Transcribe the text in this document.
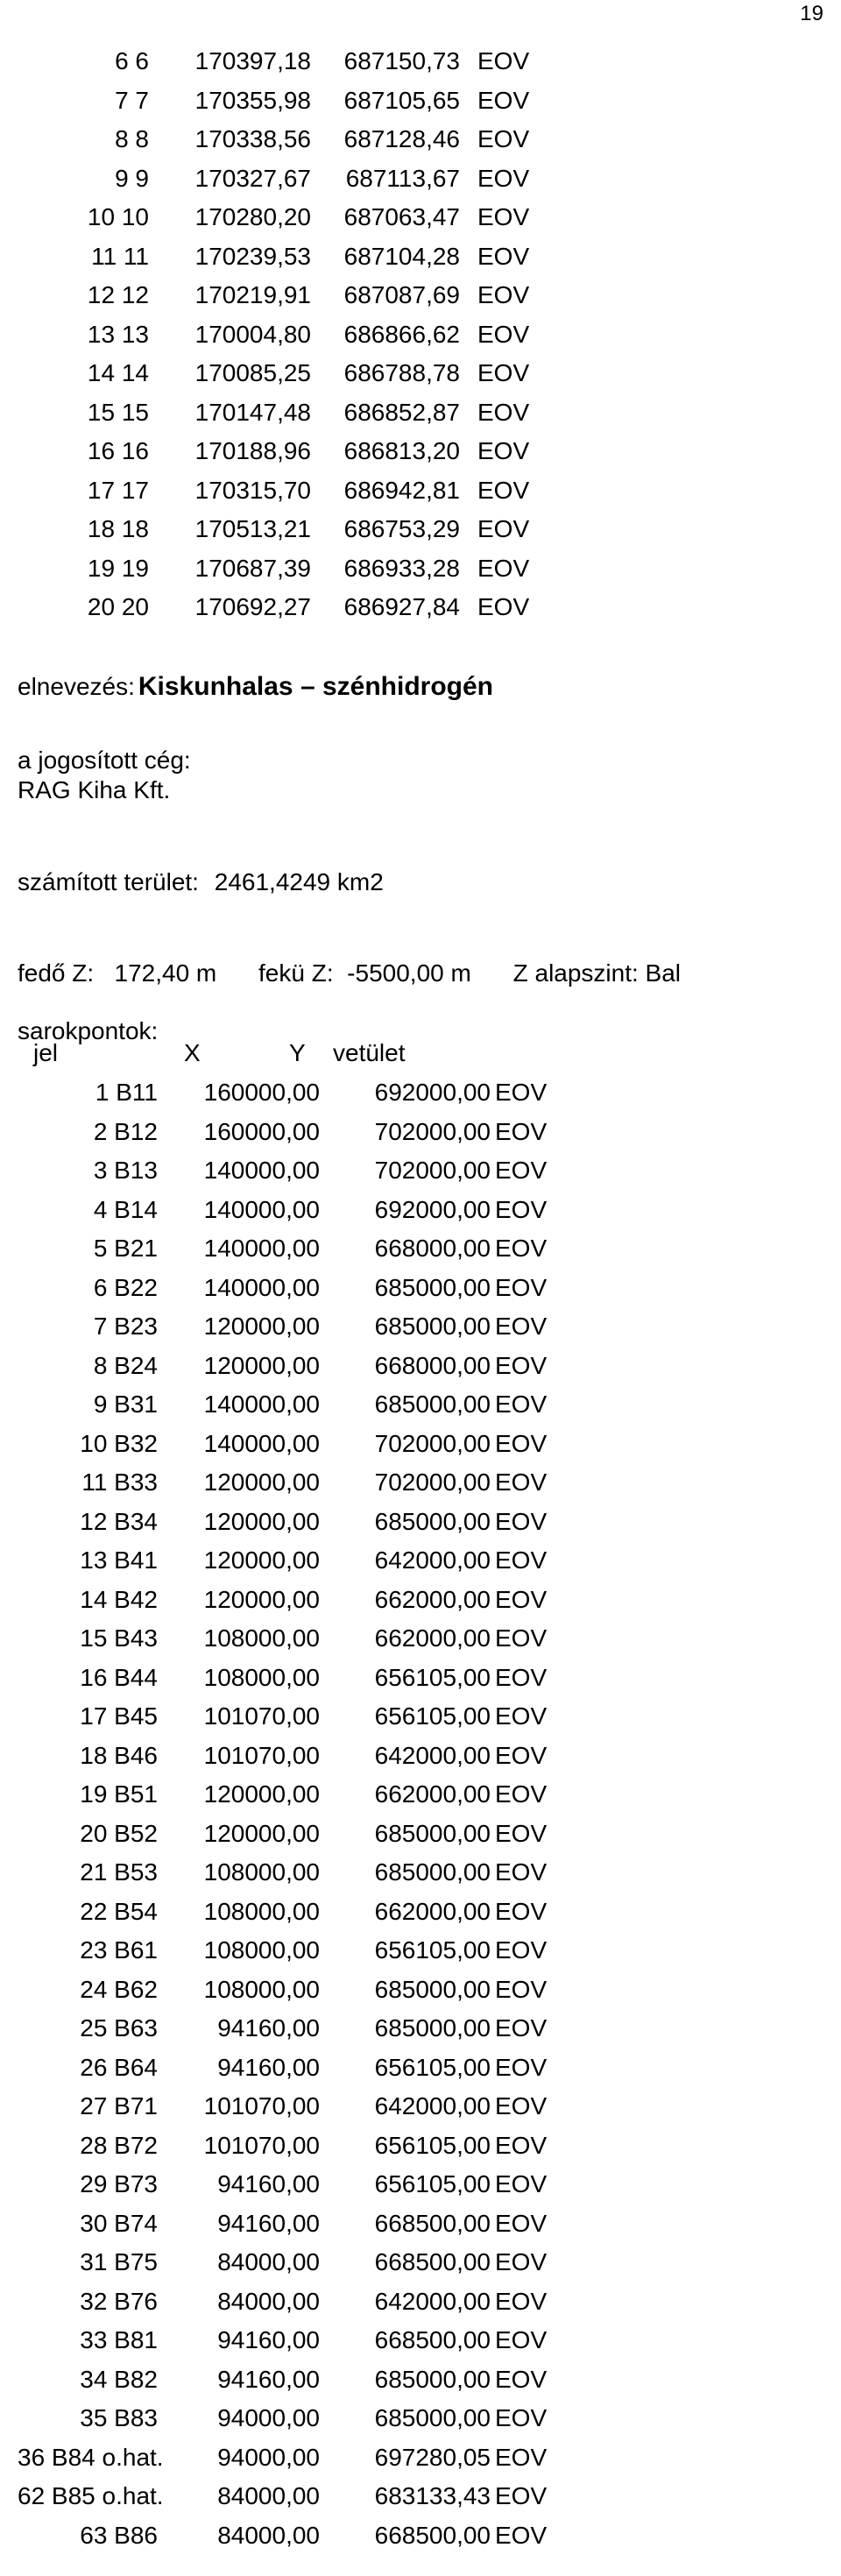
19
6 6	170397,18	687150,73 EOV
7 7	170355,98	687105,65 EOV
8 8	170338,56	687128,46 EOV
9 9	170327,67	687113,67 EOV
10 10	170280,20	687063,47 EOV
11 11	170239,53	687104,28 EOV
12 12	170219,91	687087,69 EOV
13 13	170004,80	686866,62 EOV
14 14	170085,25	686788,78 EOV
15 15	170147,48	686852,87 EOV
16 16	170188,96	686813,20 EOV
17 17	170315,70	686942,81 EOV
18 18	170513,21	686753,29 EOV
19 19	170687,39	686933,28 EOV
20 20	170692,27	686927,84 EOV
elnevezés: Kiskunhalas – szénhidrogén
a jogosított cég:
RAG Kiha Kft.
számított terület: 2461,4249 km2
fedő Z:   172,40 m fekü Z:  -5500,00 m Z alapszint: Bal
sarokpontok:
jel	X	Y vetület
1 B11	160000,00	692000,00 EOV
2 B12	160000,00	702000,00 EOV
3 B13	140000,00	702000,00 EOV
4 B14	140000,00	692000,00 EOV
5 B21	140000,00	668000,00 EOV
6 B22	140000,00	685000,00 EOV
7 B23	120000,00	685000,00 EOV
8 B24	120000,00	668000,00 EOV
9 B31	140000,00	685000,00 EOV
10 B32	140000,00	702000,00 EOV
11 B33	120000,00	702000,00 EOV
12 B34	120000,00	685000,00 EOV
13 B41	120000,00	642000,00 EOV
14 B42	120000,00	662000,00 EOV
15 B43	108000,00	662000,00 EOV
16 B44	108000,00	656105,00 EOV
17 B45	101070,00	656105,00 EOV
18 B46	101070,00	642000,00 EOV
19 B51	120000,00	662000,00 EOV
20 B52	120000,00	685000,00 EOV
21 B53	108000,00	685000,00 EOV
22 B54	108000,00	662000,00 EOV
23 B61	108000,00	656105,00 EOV
24 B62	108000,00	685000,00 EOV
25 B63	94160,00	685000,00 EOV
26 B64	94160,00	656105,00 EOV
27 B71	101070,00	642000,00 EOV
28 B72	101070,00	656105,00 EOV
29 B73	94160,00	656105,00 EOV
30 B74	94160,00	668500,00 EOV
31 B75	84000,00	668500,00 EOV
32 B76	84000,00	642000,00 EOV
33 B81	94160,00	668500,00 EOV
34 B82	94160,00	685000,00 EOV
35 B83	94000,00	685000,00 EOV
36 B84 o.hat.	94000,00	697280,05 EOV
62 B85 o.hat.	84000,00	683133,43 EOV
63 B86	84000,00	668500,00 EOV
